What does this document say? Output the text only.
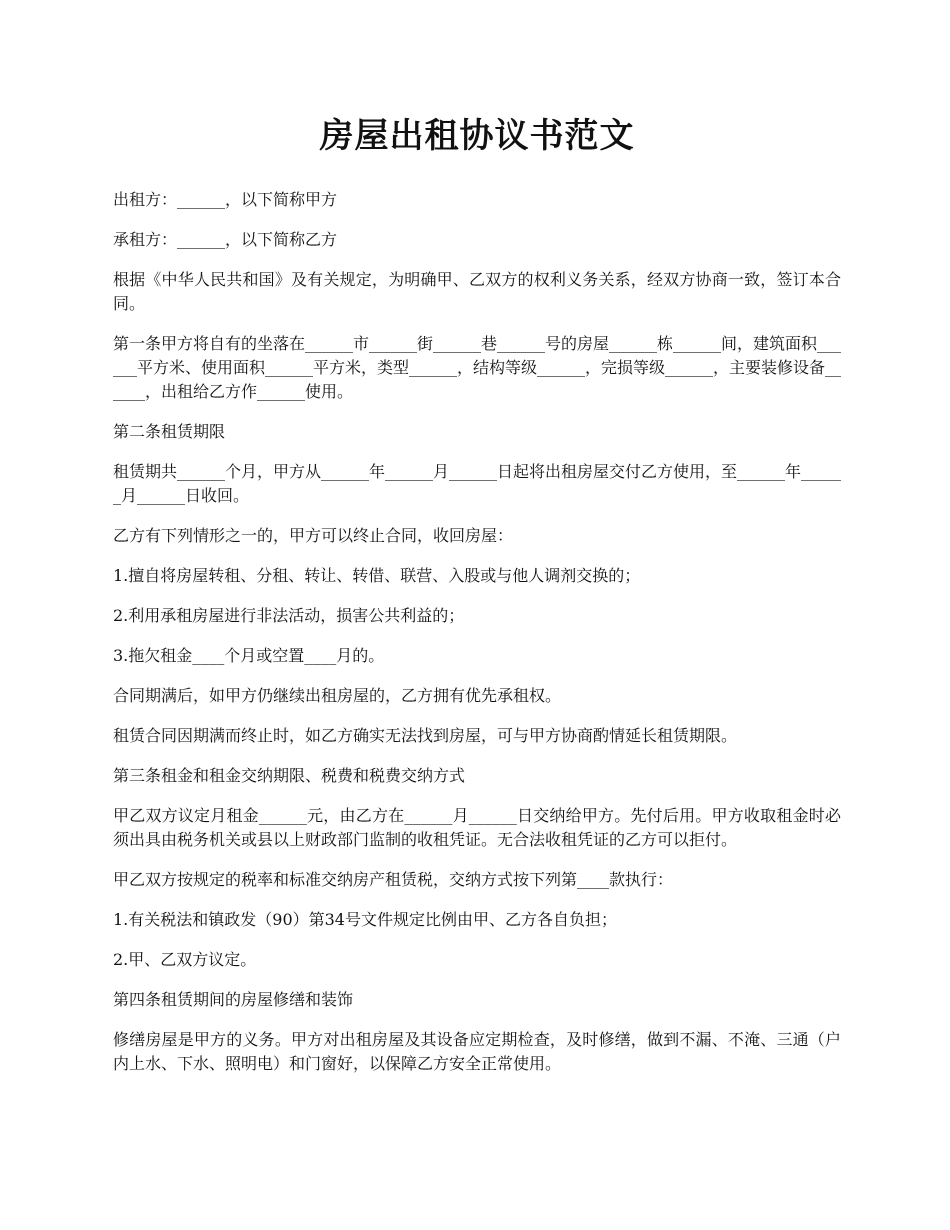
房屋出租协议书范文

出租方：______，以下简称甲方

承租方：______，以下简称乙方

根据《中华人民共和国》及有关规定，为明确甲、乙双方的权利义务关系，经双方协商一致，签订本合同。

第一条甲方将自有的坐落在______市______街______巷______号的房屋______栋______间，建筑面积______平方米、使用面积______平方米，类型______，结构等级______，完损等级______，主要装修设备______，出租给乙方作______使用。

第二条租赁期限

租赁期共______个月，甲方从______年______月______日起将出租房屋交付乙方使用，至______年______月______日收回。

乙方有下列情形之一的，甲方可以终止合同，收回房屋：

1.擅自将房屋转租、分租、转让、转借、联营、入股或与他人调剂交换的；

2.利用承租房屋进行非法活动，损害公共利益的；

3.拖欠租金____个月或空置____月的。

合同期满后，如甲方仍继续出租房屋的，乙方拥有优先承租权。

租赁合同因期满而终止时，如乙方确实无法找到房屋，可与甲方协商酌情延长租赁期限。

第三条租金和租金交纳期限、税费和税费交纳方式

甲乙双方议定月租金______元，由乙方在______月______日交纳给甲方。先付后用。甲方收取租金时必须出具由税务机关或县以上财政部门监制的收租凭证。无合法收租凭证的乙方可以拒付。

甲乙双方按规定的税率和标准交纳房产租赁税，交纳方式按下列第____款执行：

1.有关税法和镇政发（90）第34号文件规定比例由甲、乙方各自负担；

2.甲、乙双方议定。

第四条租赁期间的房屋修缮和装饰

修缮房屋是甲方的义务。甲方对出租房屋及其设备应定期检查，及时修缮，做到不漏、不淹、三通（户内上水、下水、照明电）和门窗好，以保障乙方安全正常使用。
